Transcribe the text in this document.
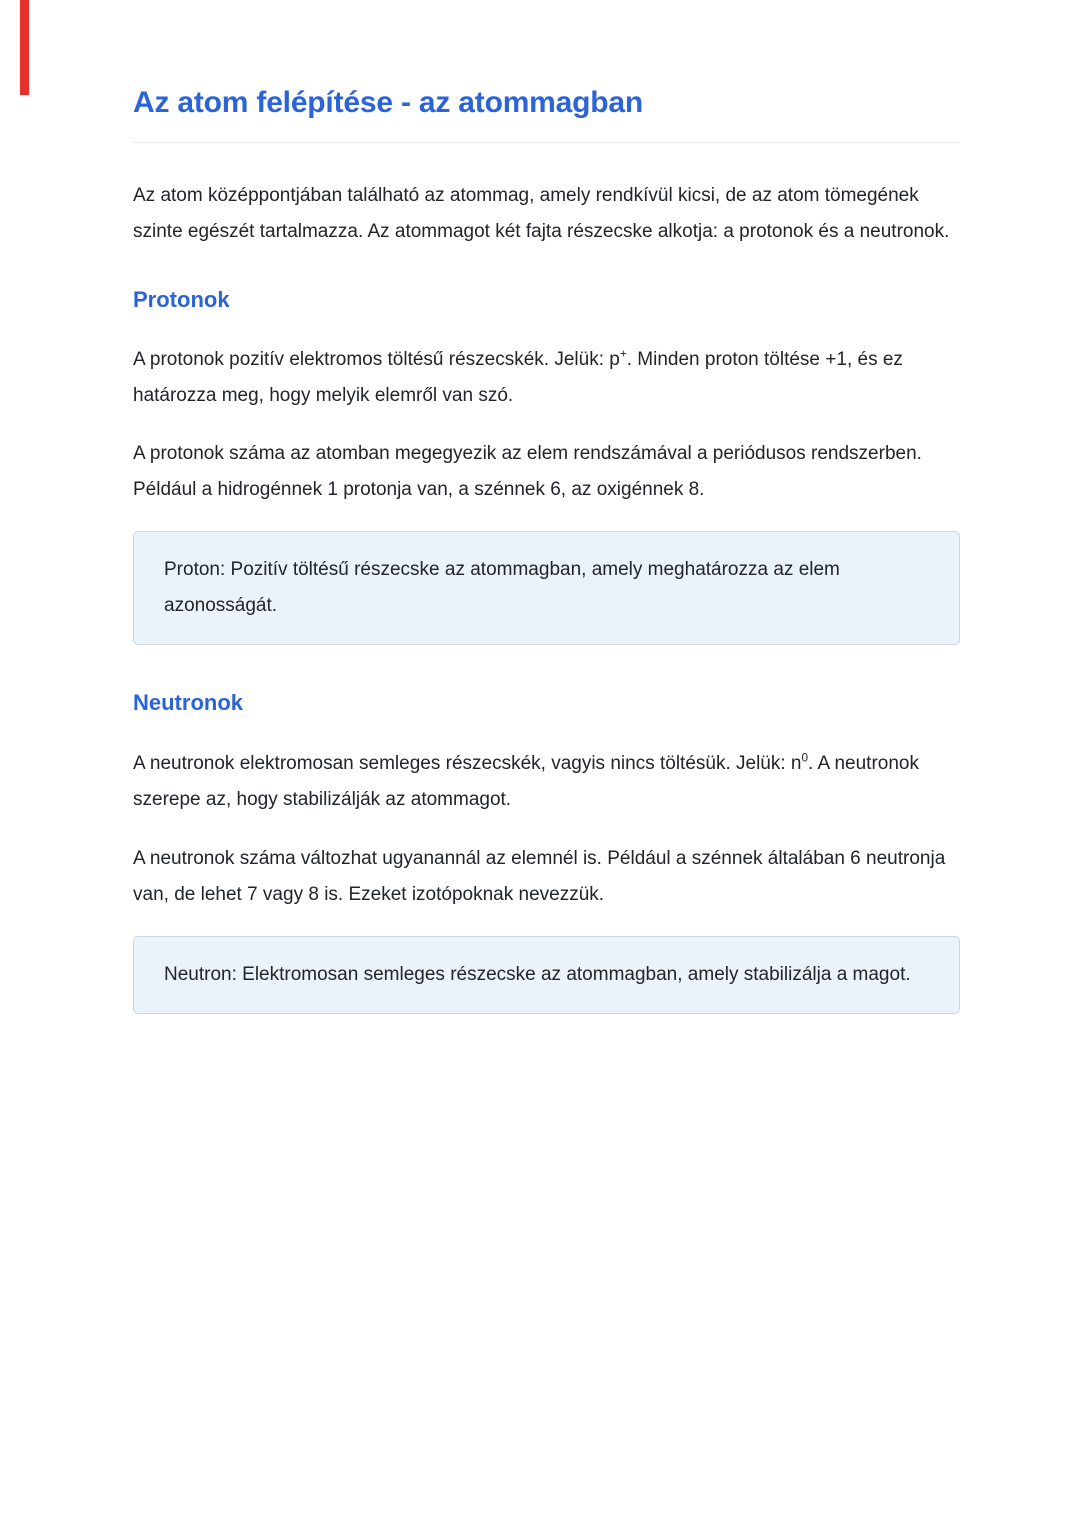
Az atom felépítése - az atommagban

Az atom középpontjában található az atommag, amely rendkívül kicsi, de az atom tömegének szinte egészét tartalmazza. Az atommagot két fajta részecske alkotja: a protonok és a neutronok.

Protonok

A protonok pozitív elektromos töltésű részecskék. Jelük: p+. Minden proton töltése +1, és ez határozza meg, hogy melyik elemről van szó.

A protonok száma az atomban megegyezik az elem rendszámával a periódusos rendszerben. Például a hidrogénnek 1 protonja van, a szénnek 6, az oxigénnek 8.

Proton: Pozitív töltésű részecske az atommagban, amely meghatározza az elem azonosságát.

Neutronok

A neutronok elektromosan semleges részecskék, vagyis nincs töltésük. Jelük: $n^0$. A neutronok szerepe az, hogy stabilizálják az atommagot.

A neutronok száma változhat ugyanannál az elemnél is. Például a szénnek általában 6 neutronja van, de lehet 7 vagy 8 is. Ezeket izotópoknak nevezzük.

Neutron: Elektromosan semleges részecske az atommagban, amely stabilizálja a magot.
